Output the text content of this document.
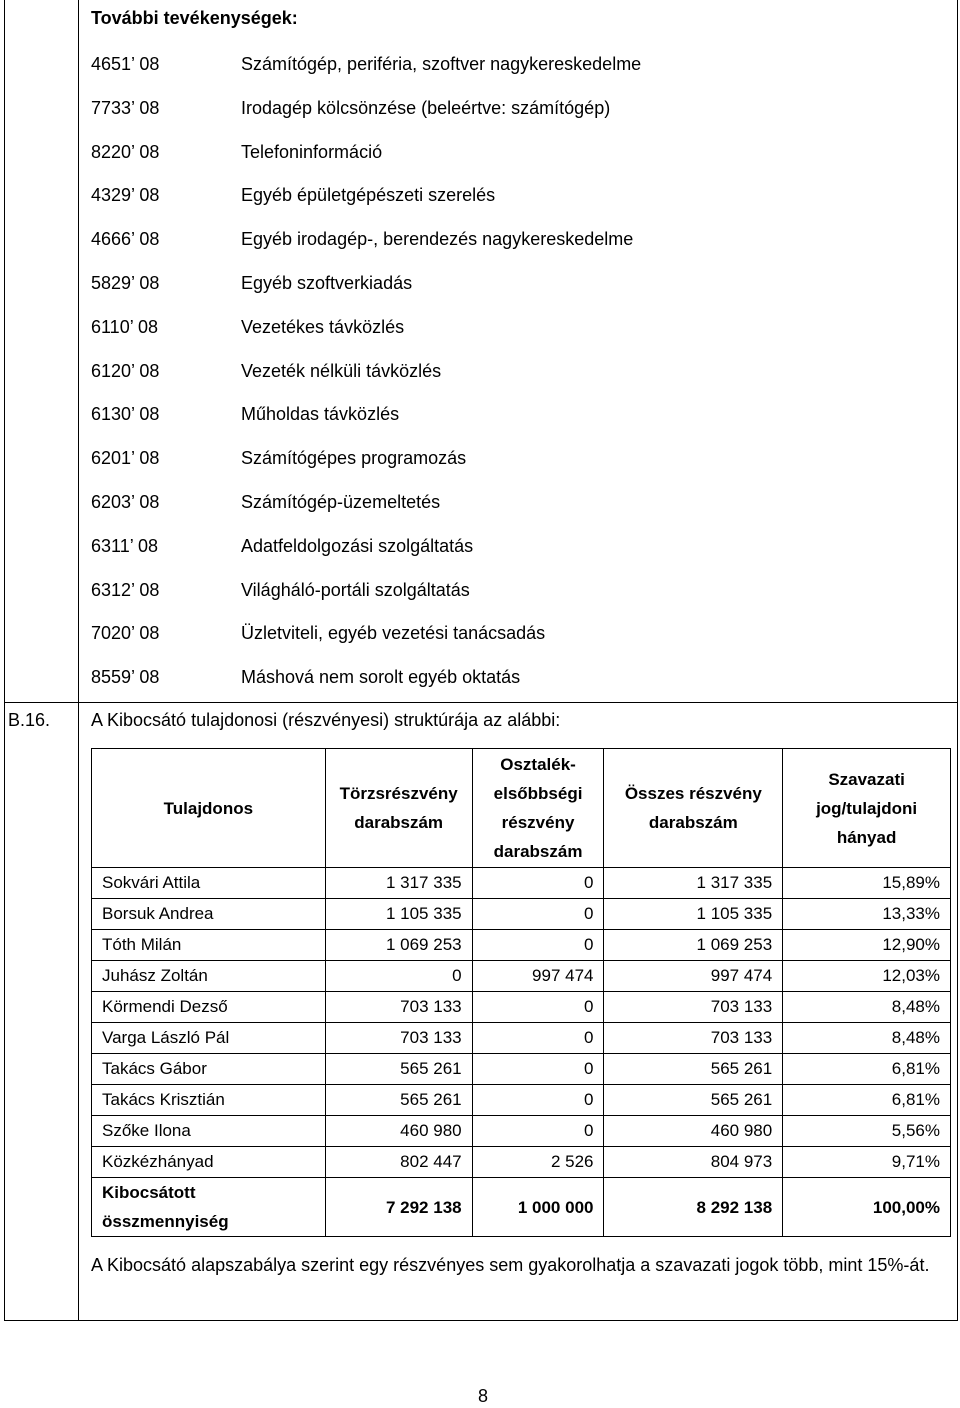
További tevékenységek:
4651’ 08	Számítógép, periféria, szoftver nagykereskedelme
7733’ 08	Irodagép kölcsönzése (beleértve: számítógép)
8220’ 08	Telefoninformáció
4329’ 08	Egyéb épületgépészeti szerelés
4666’ 08	Egyéb irodagép-, berendezés nagykereskedelme
5829’ 08	Egyéb szoftverkiadás
6110’ 08	Vezetékes távközlés
6120’ 08	Vezeték nélküli távközlés
6130’ 08	Műholdas távközlés
6201’ 08	Számítógépes programozás
6203’ 08	Számítógép-üzemeltetés
6311’ 08	Adatfeldolgozási szolgáltatás
6312’ 08	Világháló-portáli szolgáltatás
7020’ 08	Üzletviteli, egyéb vezetési tanácsadás
8559’ 08	Máshová nem sorolt egyéb oktatás
B.16. A Kibocsátó tulajdonosi (részvényesi) struktúrája az alábbi:
Tulajdonos	Törzsrészvény darabszám	Osztalék-elsőbbségi részvény darabszám	Összes részvény darabszám	Szavazati jog/tulajdoni hányad
Sokvári Attila	1 317 335	0	1 317 335	15,89%
Borsuk Andrea	1 105 335	0	1 105 335	13,33%
Tóth Milán	1 069 253	0	1 069 253	12,90%
Juhász Zoltán	0	997 474	997 474	12,03%
Körmendi Dezső	703 133	0	703 133	8,48%
Varga László Pál	703 133	0	703 133	8,48%
Takács Gábor	565 261	0	565 261	6,81%
Takács Krisztián	565 261	0	565 261	6,81%
Szőke Ilona	460 980	0	460 980	5,56%
Közkézhányad	802 447	2 526	804 973	9,71%
Kibocsátott összmennyiség	7 292 138	1 000 000	8 292 138	100,00%
A Kibocsátó alapszabálya szerint egy részvényes sem gyakorolhatja a szavazati jogok több, mint 15%-át.
8
